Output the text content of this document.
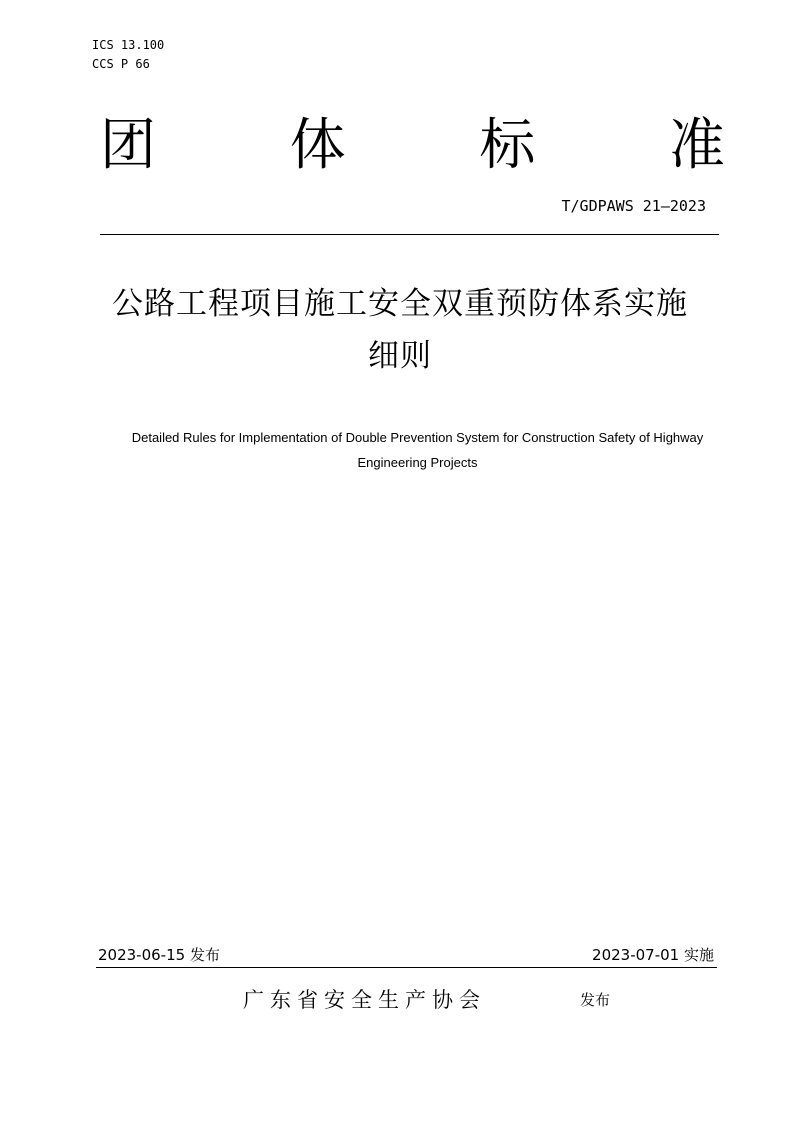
ICS 13.100
CCS P 66
团 体 标 准
T/GDPAWS 21—2023
公路工程项目施工安全双重预防体系实施
细则
Detailed Rules for Implementation of Double Prevention System for Construction Safety of Highway
Engineering Projects
2023-06-15 发布	2023-07-01 实施
广东省安全生产协会	发布
